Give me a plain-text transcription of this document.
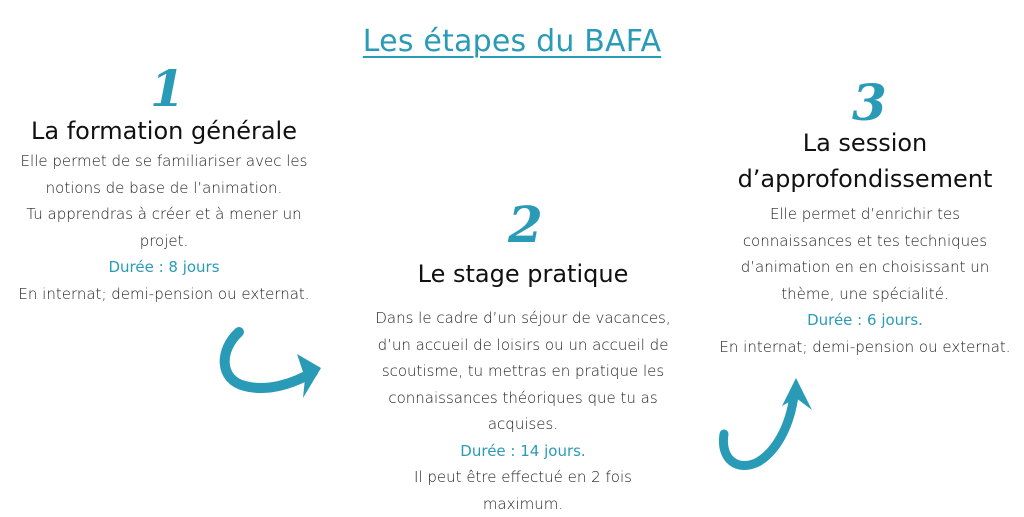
Les étapes du BAFA
1
La formation générale
Elle permet de se familiariser avec les
notions de base de l’animation.
Tu apprendras à créer et à mener un
projet.
Durée : 8 jours
En internat; demi-pension ou externat.
2
Le stage pratique
Dans le cadre d’un séjour de vacances,
d’un accueil de loisirs ou un accueil de
scoutisme, tu mettras en pratique les
connaissances théoriques que tu as
acquises.
Durée : 14 jours.
Il peut être effectué en 2 fois
maximum.
3
La session
d’approfondissement
Elle permet d’enrichir tes
connaissances et tes techniques
d’animation en en choisissant un
thème, une spécialité.
Durée : 6 jours.
En internat; demi-pension ou externat.
